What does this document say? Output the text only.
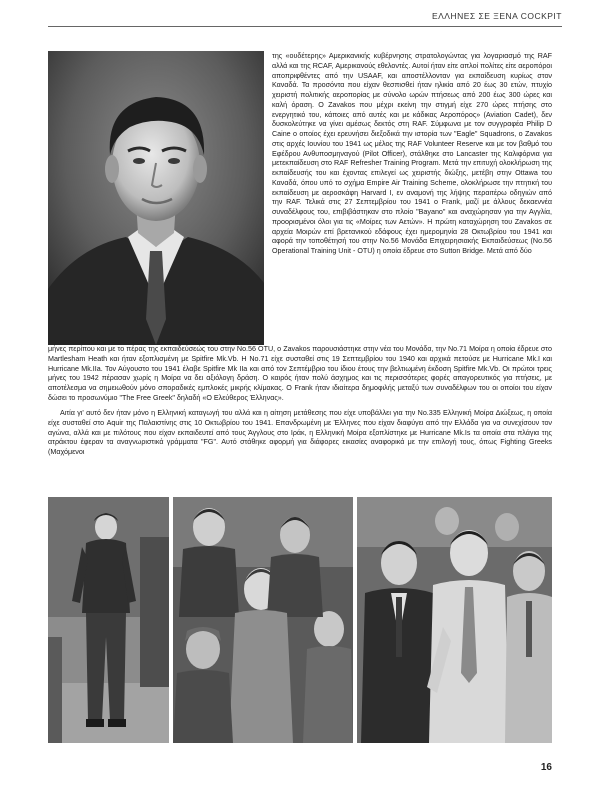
ΕΛΛΗΝΕΣ ΣΕ ΞΕΝΑ COCKPIT

της «ουδέτερης» Αμερικανικής κυβέρνησης στρατολογώντας για λογαριασμό της RAF αλλά και της RCAF, Αμερικανούς εθελοντές. Αυτοί ήταν είτε απλοί πολίτες είτε αεροπόροι αποπριφθέντες από την USAAF, και αποστέλλονταν για εκπαίδευση κυρίως στον Καναδά. Τα προσόντα που είχαν θεσπισθεί ήταν ηλικία από 20 έως 30 ετών, πτυχίο χειριστή πολιτικής αεροπορίας με σύνολο ωρών πτήσεως από 200 έως 300 ώρες και καλή όραση. Ο Zavakos που μέχρι εκείνη την στιγμή είχε 270 ώρες πτήσης στο ενεργητικό του, κάποιες από αυτές και με κάδικας Αεροπόρος» (Aviation Cadet), δεν δυσκολεύτηκε να γίνει αμέσως δεκτός στη RAF. Σύμφωνα με τον συγγραφέα Philip D Caine ο οποίος έχει ερευνήσει διεξοδικά την ιστορία των "Eagle" Squadrons, ο Zavakos στις αρχές Ιουνίου του 1941 ως μέλος της RAF Volunteer Reserve και με τον βαθμό του Εφέδρου Ανθυποσμηναγού (Pilot Officer), στάλθηκε στο Lancaster της Καλιφόρνια για μετεκπαίδευση στο RAF Refresher Training Program. Μετά την επιτυχή ολοκλήρωση της εκπαίδευσής του και έχοντας επιλεγεί ως χειριστής διώξης, μετέβη στην Ottawa του Καναδά, όπου υπό το σχήμα Empire Air Training Scheme, ολοκλήρωσε την πτητική του εκπαίδευση με αεροσκάφη Harvard I, εν αναμονή της λήψης περαιτέρω οδηγιών από την RAF. Τελικά στις 27 Σεπτεμβρίου του 1941 ο Frank, μαζί με άλλους δεκαεννέα συναδέλφους του, επιβιβάστηκαν στο πλοίο "Bayano" και αναχώρησαν για την Αγγλία, προορισμένοι όλοι για τις «Μοίρες των Αετών». Η πρώτη καταχώρηση του Zavakos σε αρχεία Μοιρών επί βρετανικού εδάφους έχει ημερομηνία 28 Οκτωβρίου του 1941 και αφορά την τοποθέτησή του στην No.56 Μονάδα Επιχειρησιακής Εκπαιδεύσεως (No.56 Operational Training Unit - OTU) η οποία έδρευε στο Sutton Bridge. Μετά από δύο

μήνες περίπου και με το πέρας της εκπαιδεύσεώς του στην No.56 OTU, ο Zavakos παρουσιάστηκε στην νέα του Μονάδα, την No.71 Μοίρα η οποία έδρευε στο Martlesham Heath και ήταν εξοπλισμένη με Spitfire Mk.Vb. Η No.71 είχε συσταθεί στις 19 Σεπτεμβρίου του 1940 και αρχικά πετούσε με Hurricane Mk.I και Hurricane Mk.IIa. Τον Αύγουστο του 1941 έλαβε Spitfire Mk IIa και από τον Σεπτέμβριο του ίδιου έτους την βελτιωμένη έκδοση Spitfire Mk.Vb. Οι πρώτοι τρεις μήνες του 1942 πέρασαν χωρίς η Μοίρα να δει αξιόλογη δράση. Ο καιρός ήταν πολύ άσχημος και τις περισσότερες φορές απαγορευτικός για πτήσεις, με αποτέλεσμα να σημειωθούν μόνο σποραδικές εμπλοκές μικρής κλίμακας. Ο Frank ήταν ιδιαίτερα δημοφιλής μεταξύ των συναδέλφων του οι οποίοι του είχαν δώσει το προσωνύμιο "The Free Greek" δηλαδή «Ο Ελεύθερος Έλληνας».

Αιτία γι' αυτό δεν ήταν μόνο η Ελληνική καταγωγή του αλλά και η αίτηση μετάθεσης που είχε υποβάλλει για την No.335 Ελληνική Μοίρα Διώξεως, η οποία είχε συσταθεί στο Aquir της Παλαιστίνης στις 10 Οκτωβρίου του 1941. Επανδρωμένη με Έλληνες που είχαν διαφύγει από την Ελλάδα για να συνεχίσουν τον αγώνα, αλλά και με πιλότους που είχαν εκπαιδευτεί από τους Άγγλους στο Ιράκ, η Ελληνική Μοίρα εξοπλίστηκε με Hurricane Mk.Is τα οποία στα πλάγια της ατράκτου έφεραν τα αναγνωριστικά γράμματα "FG". Αυτό στάθηκε αφορμή για διάφορες εικασίες αναφορικά με την επιλογή τους, όπως Fighting Greeks (Μαχόμενοι

16
